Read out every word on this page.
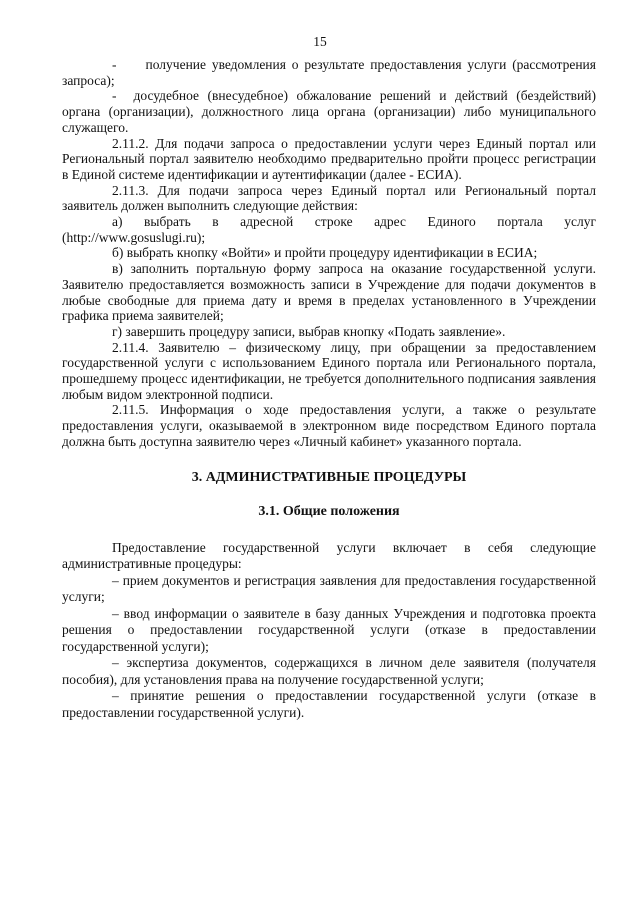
15

-     получение уведомления о результате предоставления услуги (рассмотрения запроса);

-  досудебное (внесудебное) обжалование решений и действий (бездействий) органа (организации), должностного лица органа (организации) либо муниципального служащего.

2.11.2. Для подачи запроса о предоставлении услуги через Единый портал или Региональный портал заявителю необходимо предварительно пройти процесс регистрации в Единой системе идентификации и аутентификации (далее - ЕСИА).

2.11.3. Для подачи запроса через Единый портал или Региональный портал заявитель должен выполнить следующие действия:

а) выбрать в адресной строке адрес Единого портала услуг (http://www.gosuslugi.ru);

б) выбрать кнопку «Войти» и пройти процедуру идентификации в ЕСИА;

в) заполнить портальную форму запроса на оказание государственной услуги. Заявителю предоставляется возможность записи в Учреждение для подачи документов в любые свободные для приема дату и время в пределах установленного в Учреждении графика приема заявителей;

г) завершить процедуру записи, выбрав кнопку «Подать заявление».

2.11.4. Заявителю – физическому лицу, при обращении за предоставлением государственной услуги с использованием Единого портала или Регионального портала, прошедшему процесс идентификации, не требуется дополнительного подписания заявления любым видом электронной подписи.

2.11.5. Информация о ходе предоставления услуги, а также о результате предоставления услуги, оказываемой в электронном виде посредством Единого портала должна быть доступна заявителю через «Личный кабинет» указанного портала.

3. АДМИНИСТРАТИВНЫЕ ПРОЦЕДУРЫ
3.1. Общие положения

Предоставление государственной услуги включает в себя следующие административные процедуры:

– прием документов и регистрация заявления для предоставления государственной услуги;

– ввод информации о заявителе в базу данных Учреждения и подготовка проекта решения о предоставлении государственной услуги (отказе в предоставлении государственной услуги);

– экспертиза документов, содержащихся в личном деле заявителя (получателя пособия), для установления права на получение государственной услуги;

– принятие решения о предоставлении государственной услуги (отказе в предоставлении государственной услуги).
